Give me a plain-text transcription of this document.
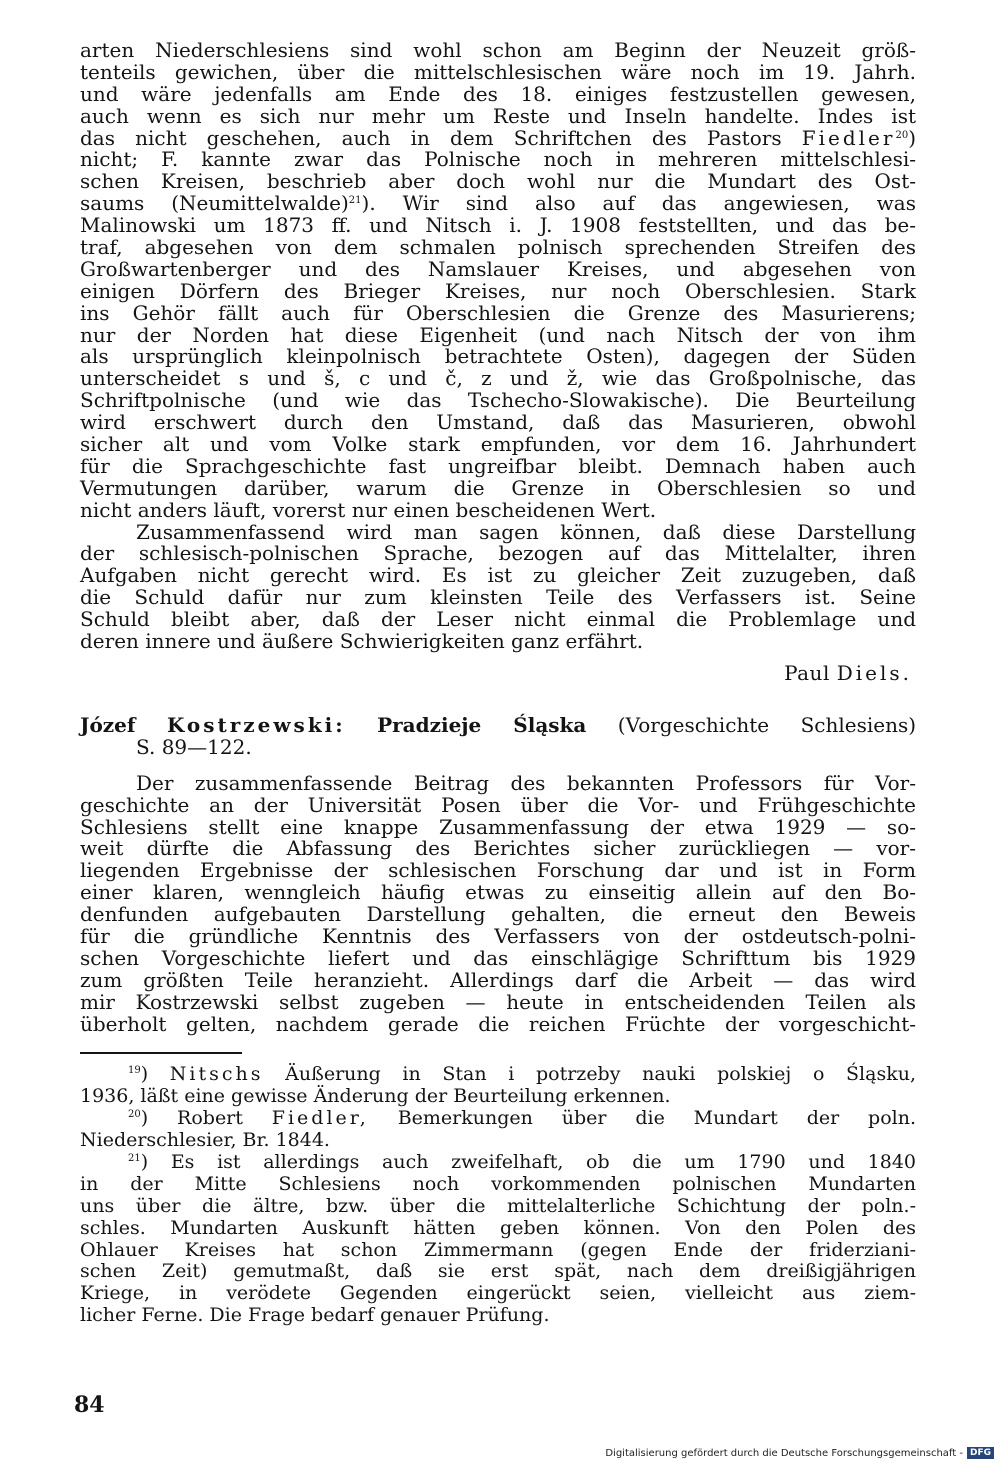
arten Niederschlesiens sind wohl schon am Beginn der Neuzeit größ-
tenteils gewichen, über die mittelschlesischen wäre noch im 19. Jahrh.
und wäre jedenfalls am Ende des 18. einiges festzustellen gewesen,
auch wenn es sich nur mehr um Reste und Inseln handelte. Indes ist
das nicht geschehen, auch in dem Schriftchen des Pastors Fiedler$^{20}$)
nicht; F. kannte zwar das Polnische noch in mehreren mittelschlesi-
schen Kreisen, beschrieb aber doch wohl nur die Mundart des Ost-
saums (Neumittelwalde)$^{21}$). Wir sind also auf das angewiesen, was
Malinowski um 1873 ff. und Nitsch i. J. 1908 feststellten, und das be-
traf, abgesehen von dem schmalen polnisch sprechenden Streifen des
Großwartenberger und des Namslauer Kreises, und abgesehen von
einigen Dörfern des Brieger Kreises, nur noch Oberschlesien. Stark
ins Gehör fällt auch für Oberschlesien die Grenze des Masurierens;
nur der Norden hat diese Eigenheit (und nach Nitsch der von ihm
als ursprünglich kleinpolnisch betrachtete Osten), dagegen der Süden
unterscheidet s und š, c und č, z und ž, wie das Großpolnische, das
Schriftpolnische (und wie das Tschecho-Slowakische). Die Beurteilung
wird erschwert durch den Umstand, daß das Masurieren, obwohl
sicher alt und vom Volke stark empfunden, vor dem 16. Jahrhundert
für die Sprachgeschichte fast ungreifbar bleibt. Demnach haben auch
Vermutungen darüber, warum die Grenze in Oberschlesien so und
nicht anders läuft, vorerst nur einen bescheidenen Wert.
Zusammenfassend wird man sagen können, daß diese Darstellung
der schlesisch-polnischen Sprache, bezogen auf das Mittelalter, ihren
Aufgaben nicht gerecht wird. Es ist zu gleicher Zeit zuzugeben, daß
die Schuld dafür nur zum kleinsten Teile des Verfassers ist. Seine
Schuld bleibt aber, daß der Leser nicht einmal die Problemlage und
deren innere und äußere Schwierigkeiten ganz erfährt.
Paul Diels.
Józef Kostrzewski: Pradzieje Śląska (Vorgeschichte Schlesiens)
S. 89—122.
Der zusammenfassende Beitrag des bekannten Professors für Vor-
geschichte an der Universität Posen über die Vor- und Frühgeschichte
Schlesiens stellt eine knappe Zusammenfassung der etwa 1929 — so-
weit dürfte die Abfassung des Berichtes sicher zurückliegen — vor-
liegenden Ergebnisse der schlesischen Forschung dar und ist in Form
einer klaren, wenngleich häufig etwas zu einseitig allein auf den Bo-
denfunden aufgebauten Darstellung gehalten, die erneut den Beweis
für die gründliche Kenntnis des Verfassers von der ostdeutsch-polni-
schen Vorgeschichte liefert und das einschlägige Schrifttum bis 1929
zum größten Teile heranzieht. Allerdings darf die Arbeit — das wird
mir Kostrzewski selbst zugeben — heute in entscheidenden Teilen als
überholt gelten, nachdem gerade die reichen Früchte der vorgeschicht-
$^{19}$) Nitschs Äußerung in Stan i potrzeby nauki polskiej o Śląsku,
1936, läßt eine gewisse Änderung der Beurteilung erkennen.
$^{20}$) Robert Fiedler, Bemerkungen über die Mundart der poln.
Niederschlesier, Br. 1844.
$^{21}$) Es ist allerdings auch zweifelhaft, ob die um 1790 und 1840
in der Mitte Schlesiens noch vorkommenden polnischen Mundarten
uns über die ältre, bzw. über die mittelalterliche Schichtung der poln.-
schles. Mundarten Auskunft hätten geben können. Von den Polen des
Ohlauer Kreises hat schon Zimmermann (gegen Ende der friderziani-
schen Zeit) gemutmaßt, daß sie erst spät, nach dem dreißigjährigen
Kriege, in verödete Gegenden eingerückt seien, vielleicht aus ziem-
licher Ferne. Die Frage bedarf genauer Prüfung.
84
Digitalisierung gefördert durch die Deutsche Forschungsgemeinschaft - DFG
